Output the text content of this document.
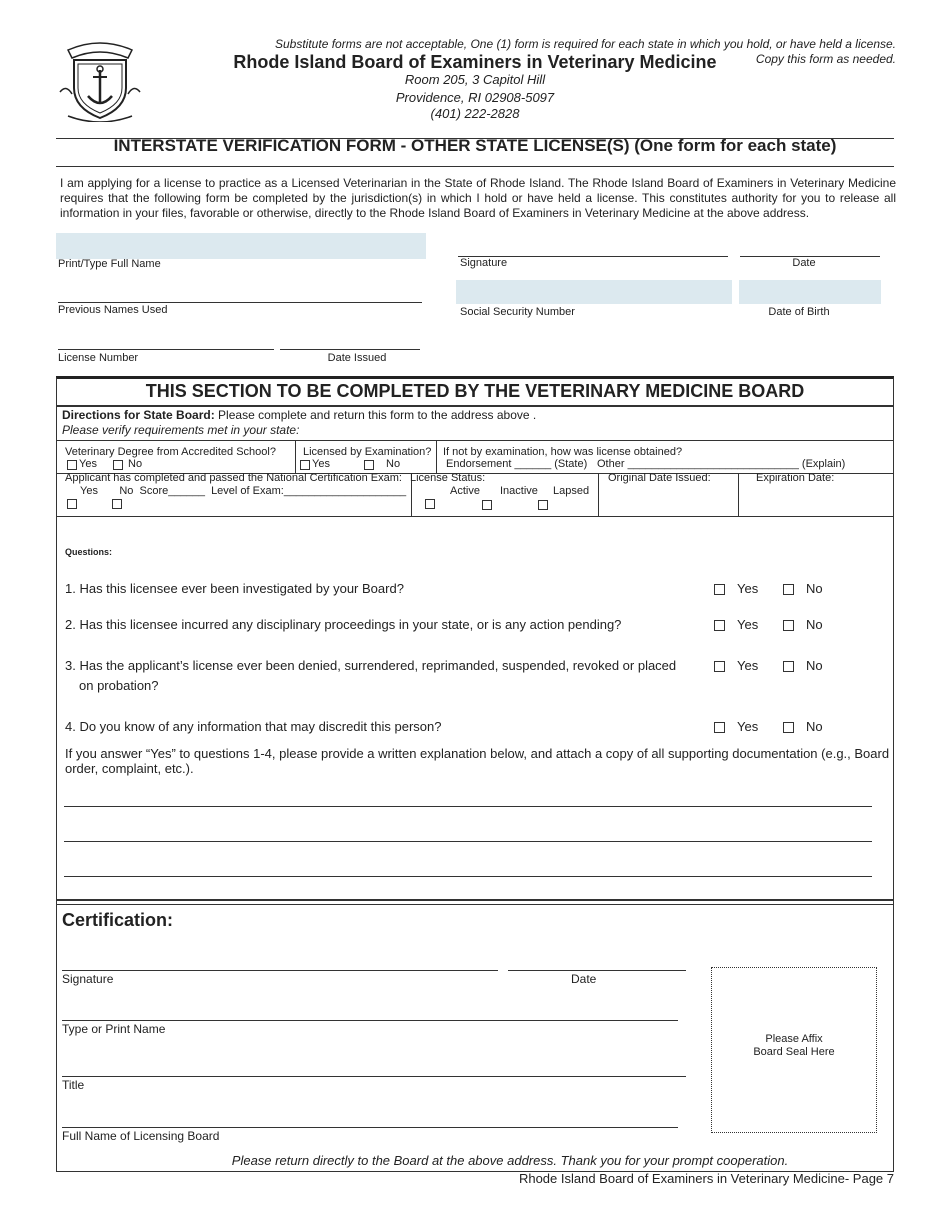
Substitute forms are not acceptable, One (1) form is required for each state in which you hold, or have held a license.
Copy this form as needed.
Rhode Island Board of Examiners in Veterinary Medicine
Room 205, 3 Capitol Hill
Providence, RI 02908-5097
(401) 222-2828
INTERSTATE VERIFICATION FORM - OTHER STATE LICENSE(S) (One form for each state)
I am applying for a license to practice as a Licensed Veterinarian in the State of Rhode Island. The Rhode Island Board of Examiners in Veterinary Medicine requires that the following form be completed by the jurisdiction(s) in which I hold or have held a license. This constitutes authority for you to release all information in your files, favorable or otherwise, directly to the Rhode Island Board of Examiners in Veterinary Medicine at the above address.
Print/Type Full Name	Signature	Date
Previous Names Used	Social Security Number	Date of Birth
License Number	Date Issued
THIS SECTION TO BE COMPLETED BY THE VETERINARY MEDICINE BOARD
Directions for State Board: Please complete and return this form to the address above .
Please verify requirements met in your state:
Veterinary Degree from Accredited School?
Yes	No
Licensed by Examination?
Yes	No
If not by examination, how was license obtained?
Endorsement ______ (State) Other ____________________________ (Explain)
Applicant has completed and passed the National Certification Exam:
Yes       No  Score______  Level of Exam:____________________
License Status:
Active Inactive Lapsed
Original Date Issued:	Expiration Date:
Questions:
1. Has this licensee ever been investigated by your Board?	Yes	No
2. Has this licensee incurred any disciplinary proceedings in your state, or is any action pending?	Yes	No
3. Has the applicant’s license ever been denied, surrendered, reprimanded, suspended, revoked or placed
on probation?
Yes	No
4. Do you know of any information that may discredit this person?	Yes	No
If you answer “Yes” to questions 1-4, please provide a written explanation below, and attach a copy of all supporting documentation (e.g., Board order, complaint, etc.).
Certification:
Signature	Date
Type or Print Name
Title
Full Name of Licensing Board
Please Affix
Board Seal Here
Please return directly to the Board at the above address. Thank you for your prompt cooperation.
Rhode Island Board of Examiners in Veterinary Medicine- Page 7
